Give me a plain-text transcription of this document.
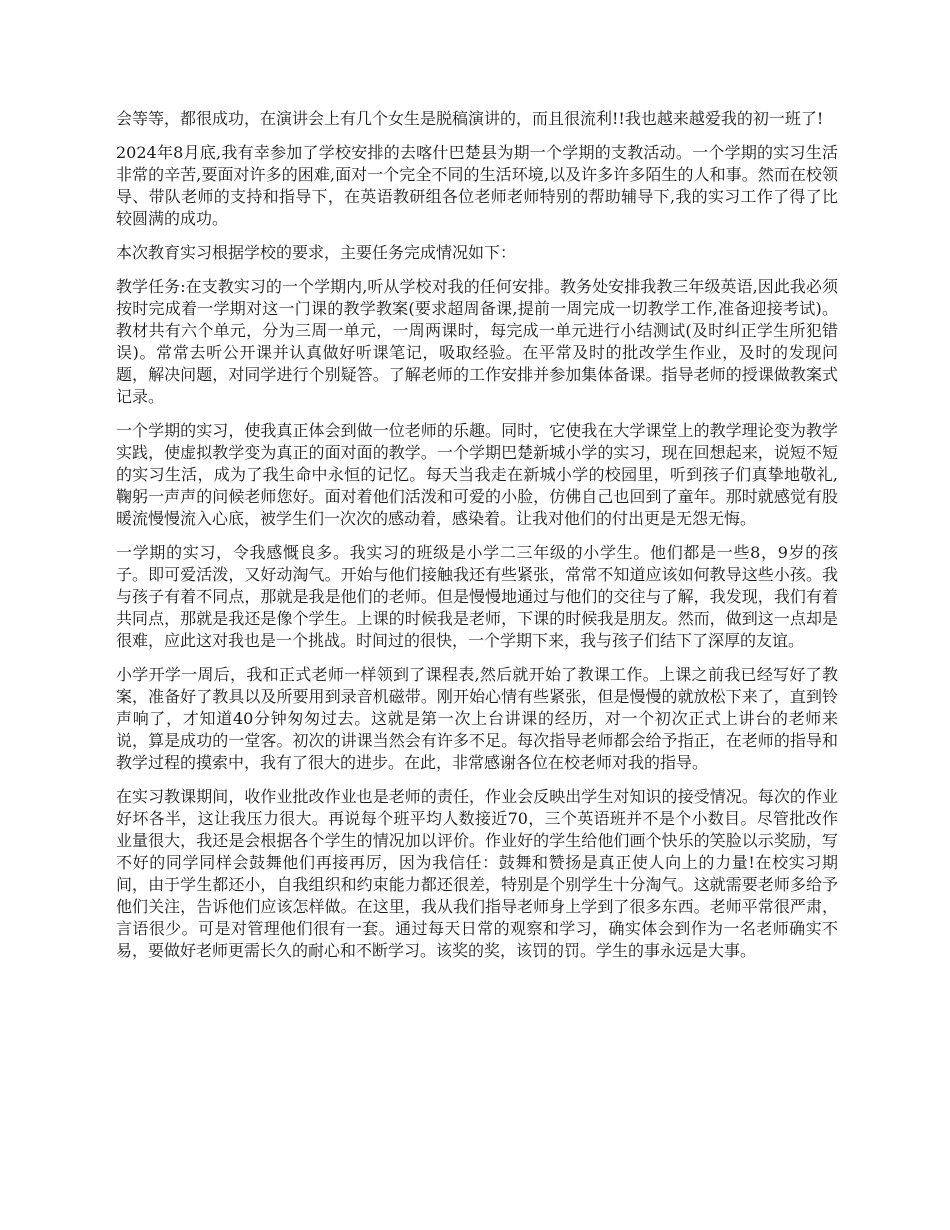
会等等，都很成功，在演讲会上有几个女生是脱稿演讲的，而且很流利!!我也越来越爱我的初一班了!

2024年8月底,我有幸参加了学校安排的去喀什巴楚县为期一个学期的支教活动。一个学期的实习生活非常的辛苦,要面对许多的困难,面对一个完全不同的生活环境,以及许多许多陌生的人和事。然而在校领导、带队老师的支持和指导下，在英语教研组各位老师老师特别的帮助辅导下,我的实习工作了得了比较圆满的成功。

本次教育实习根据学校的要求，主要任务完成情况如下：

教学任务:在支教实习的一个学期内,听从学校对我的任何安排。教务处安排我教三年级英语,因此我必须按时完成着一学期对这一门课的教学教案(要求超周备课,提前一周完成一切教学工作,准备迎接考试)。教材共有六个单元，分为三周一单元，一周两课时，每完成一单元进行小结测试(及时纠正学生所犯错误)。常常去听公开课并认真做好听课笔记，吸取经验。在平常及时的批改学生作业，及时的发现问题，解决问题，对同学进行个别疑答。了解老师的工作安排并参加集体备课。指导老师的授课做教案式记录。

一个学期的实习，使我真正体会到做一位老师的乐趣。同时，它使我在大学课堂上的教学理论变为教学实践，使虚拟教学变为真正的面对面的教学。一个学期巴楚新城小学的实习，现在回想起来，说短不短的实习生活，成为了我生命中永恒的记忆。每天当我走在新城小学的校园里，听到孩子们真挚地敬礼,鞠躬一声声的问候老师您好。面对着他们活泼和可爱的小脸，仿佛自己也回到了童年。那时就感觉有股暖流慢慢流入心底，被学生们一次次的感动着，感染着。让我对他们的付出更是无怨无悔。

一学期的实习，令我感慨良多。我实习的班级是小学二三年级的小学生。他们都是一些8，9岁的孩子。即可爱活泼，又好动淘气。开始与他们接触我还有些紧张，常常不知道应该如何教导这些小孩。我与孩子有着不同点，那就是我是他们的老师。但是慢慢地通过与他们的交往与了解，我发现，我们有着共同点，那就是我还是像个学生。上课的时候我是老师，下课的时候我是朋友。然而，做到这一点却是很难，应此这对我也是一个挑战。时间过的很快，一个学期下来，我与孩子们结下了深厚的友谊。

小学开学一周后，我和正式老师一样领到了课程表,然后就开始了教课工作。上课之前我已经写好了教案，准备好了教具以及所要用到录音机磁带。刚开始心情有些紧张，但是慢慢的就放松下来了，直到铃声响了，才知道40分钟匆匆过去。这就是第一次上台讲课的经历，对一个初次正式上讲台的老师来说，算是成功的一堂客。初次的讲课当然会有许多不足。每次指导老师都会给予指正，在老师的指导和教学过程的摸索中，我有了很大的进步。在此，非常感谢各位在校老师对我的指导。

在实习教课期间，收作业批改作业也是老师的责任，作业会反映出学生对知识的接受情况。每次的作业好坏各半，这让我压力很大。再说每个班平均人数接近70，三个英语班并不是个小数目。尽管批改作业量很大，我还是会根据各个学生的情况加以评价。作业好的学生给他们画个快乐的笑脸以示奖励，写不好的同学同样会鼓舞他们再接再厉，因为我信任：鼓舞和赞扬是真正使人向上的力量!在校实习期间，由于学生都还小，自我组织和约束能力都还很差，特别是个别学生十分淘气。这就需要老师多给予他们关注，告诉他们应该怎样做。在这里，我从我们指导老师身上学到了很多东西。老师平常很严肃，言语很少。可是对管理他们很有一套。通过每天日常的观察和学习，确实体会到作为一名老师确实不易，要做好老师更需长久的耐心和不断学习。该奖的奖，该罚的罚。学生的事永远是大事。
